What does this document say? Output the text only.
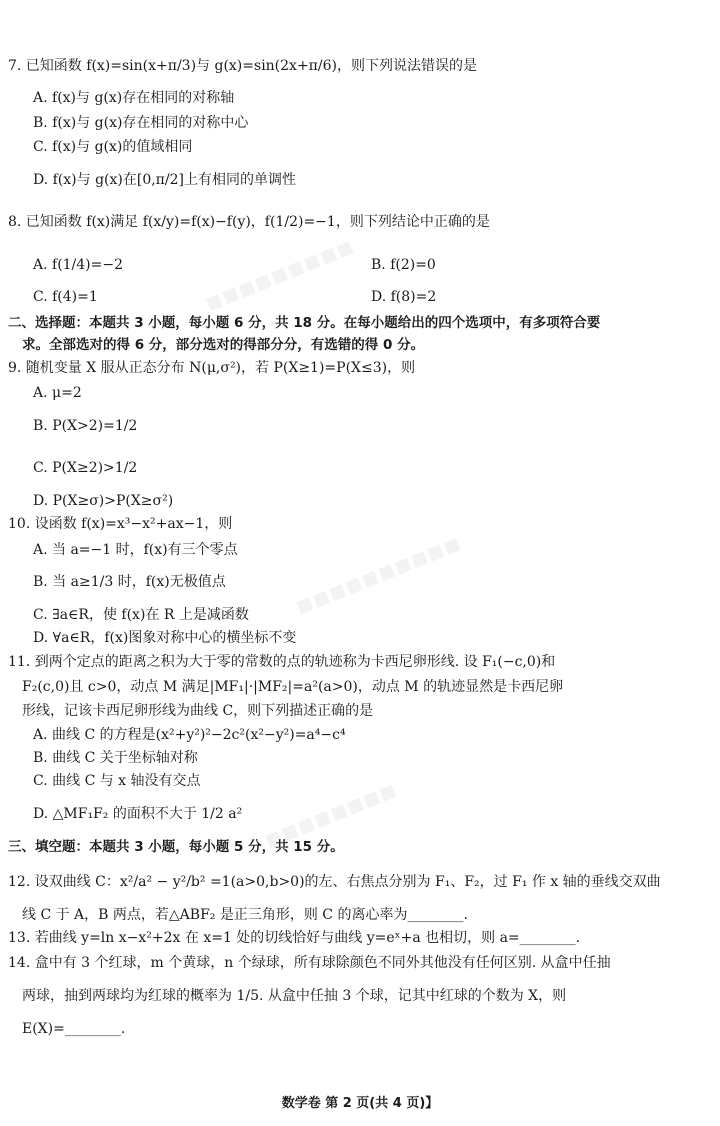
▪▪▪▪▪▪▪▪▪
▪▪▪▪▪▪▪▪▪▪
▪▪▪▪▪▪▪▪
7. 已知函数 f(x)=sin(x+π/3)与 g(x)=sin(2x+π/6)，则下列说法错误的是
A. f(x)与 g(x)存在相同的对称轴
B. f(x)与 g(x)存在相同的对称中心
C. f(x)与 g(x)的值域相同
D. f(x)与 g(x)在[0,π/2]上有相同的单调性
8. 已知函数 f(x)满足 f(x/y)=f(x)−f(y)，f(1/2)=−1，则下列结论中正确的是
A. f(1/4)=−2	B. f(2)=0
C. f(4)=1	D. f(8)=2
二、选择题：本题共 3 小题，每小题 6 分，共 18 分。在每小题给出的四个选项中，有多项符合要
求。全部选对的得 6 分，部分选对的得部分分，有选错的得 0 分。
9. 随机变量 X 服从正态分布 N(μ,σ²)，若 P(X≥1)=P(X≤3)，则
A. μ=2
B. P(X>2)=1/2
C. P(X≥2)>1/2
D. P(X≥σ)>P(X≥σ²)
10. 设函数 f(x)=x³−x²+ax−1，则
A. 当 a=−1 时，f(x)有三个零点
B. 当 a≥1/3 时，f(x)无极值点
C. ∃a∈R，使 f(x)在 R 上是减函数
D. ∀a∈R，f(x)图象对称中心的横坐标不变
11. 到两个定点的距离之积为大于零的常数的点的轨迹称为卡西尼卵形线. 设 F₁(−c,0)和
F₂(c,0)且 c>0，动点 M 满足|MF₁|·|MF₂|=a²(a>0)，动点 M 的轨迹显然是卡西尼卵
形线，记该卡西尼卵形线为曲线 C，则下列描述正确的是
A. 曲线 C 的方程是(x²+y²)²−2c²(x²−y²)=a⁴−c⁴
B. 曲线 C 关于坐标轴对称
C. 曲线 C 与 x 轴没有交点
D. △MF₁F₂ 的面积不大于 1/2 a²
三、填空题：本题共 3 小题，每小题 5 分，共 15 分。
12. 设双曲线 C：x²/a² − y²/b² =1(a>0,b>0)的左、右焦点分别为 F₁、F₂，过 F₁ 作 x 轴的垂线交双曲
线 C 于 A，B 两点，若△ABF₂ 是正三角形，则 C 的离心率为________.
13. 若曲线 y=ln x−x²+2x 在 x=1 处的切线恰好与曲线 y=eˣ+a 也相切，则 a=________.
14. 盒中有 3 个红球，m 个黄球，n 个绿球，所有球除颜色不同外其他没有任何区别. 从盒中任抽
两球，抽到两球均为红球的概率为 1/5. 从盒中任抽 3 个球，记其中红球的个数为 X，则
E(X)=________.
数学卷 第 2 页(共 4 页)】
